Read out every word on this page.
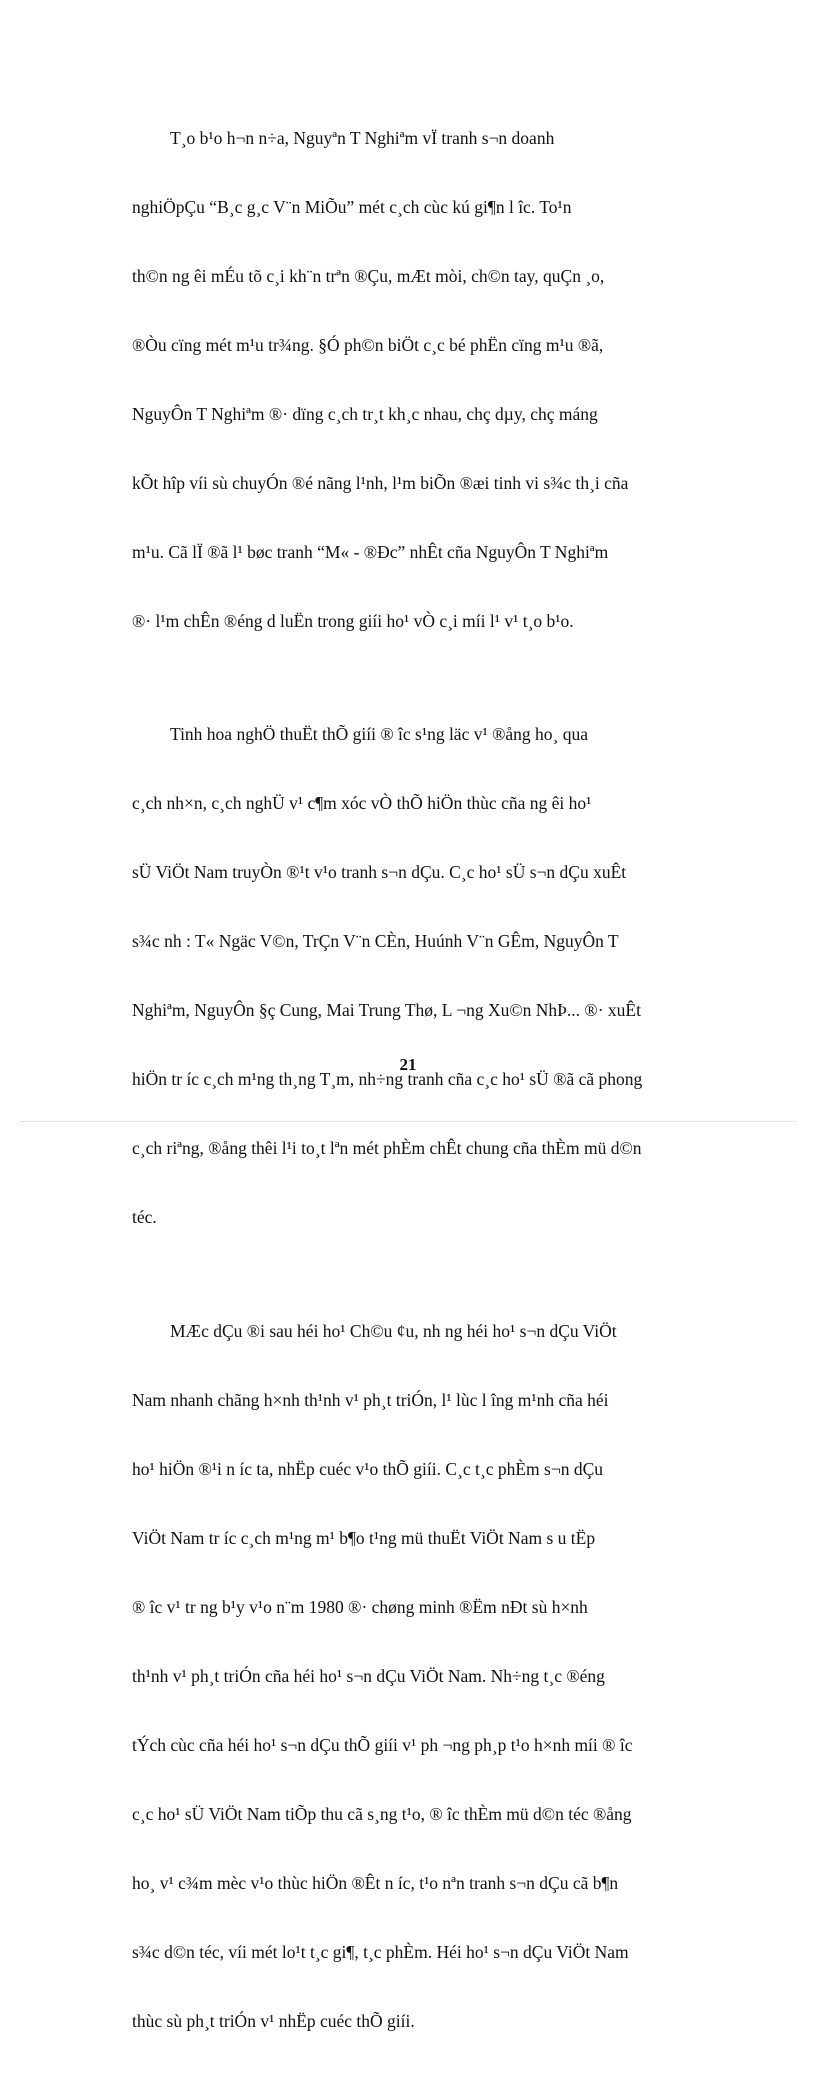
T¸o b¹o h¬n n÷a, Nguyªn T Nghiªm vÏ tranh s¬n doanh

nghiÖpÇu “B¸c g¸c V¨n MiÕu” mét c¸ch cùc kú gi¶n l îc. To¹n

th©n ng êi mÉu tõ c¸i kh¨n trªn ®Çu, mÆt mòi, ch©n tay, quÇn ¸o,

®Òu cïng mét m¹u tr¾ng. §Ó ph©n biÖt c¸c bé phËn cïng m¹u ®ã,

NguyÔn T Nghiªm ®· dïng c¸ch tr¸t kh¸c nhau, chç dµy, chç máng

kÕt hîp víi sù chuyÓn ®é nãng l¹nh, l¹m biÕn ®æi tinh vi s¾c th¸i cña

m¹u. Cã lÏ ®ã l¹ bøc tranh “M« - ®Ðc” nhÊt cña NguyÔn T Nghiªm

®· l¹m chÊn ®éng d luËn trong giíi ho¹ vÒ c¸i míi l¹ v¹ t¸o b¹o.

Tinh hoa nghÖ thuËt thÕ giíi ® îc s¹ng läc v¹ ®ång ho¸ qua

c¸ch nh×n, c¸ch nghÜ v¹ c¶m xóc vÒ thÕ hiÖn thùc cña ng êi ho¹

sÜ ViÖt Nam truyÒn ®¹t v¹o tranh s¬n dÇu. C¸c ho¹ sÜ s¬n dÇu xuÊt

s¾c nh : T« Ngäc V©n, TrÇn V¨n CÈn, Huúnh V¨n GÊm, NguyÔn T

Nghiªm, NguyÔn §ç Cung, Mai Trung Thø, L ¬ng Xu©n NhÞ... ®· xuÊt

hiÖn tr íc c¸ch m¹ng th¸ng T¸m, nh÷ng tranh cña c¸c ho¹ sÜ ®ã cã phong

c¸ch riªng, ®ång thêi l¹i to¸t lªn mét phÈm chÊt chung cña thÈm mü d©n

téc.

MÆc dÇu ®i sau héi ho¹ Ch©u ¢u, nh ng héi ho¹ s¬n dÇu ViÖt

Nam nhanh chãng h×nh th¹nh v¹ ph¸t triÓn, l¹ lùc l îng m¹nh cña héi

ho¹ hiÖn ®¹i n íc ta, nhËp cuéc v¹o thÕ giíi. C¸c t¸c phÈm s¬n dÇu

ViÖt Nam tr íc c¸ch m¹ng m¹ b¶o t¹ng mü thuËt ViÖt Nam s u tËp

® îc v¹ tr ng b¹y v¹o n¨m 1980 ®· chøng minh ®Ëm nÐt sù h×nh

th¹nh v¹ ph¸t triÓn cña héi ho¹ s¬n dÇu ViÖt Nam. Nh÷ng t¸c ®éng

tÝch cùc cña héi ho¹ s¬n dÇu thÕ giíi v¹ ph ¬ng ph¸p t¹o h×nh míi ® îc

c¸c ho¹ sÜ ViÖt Nam tiÕp thu cã s¸ng t¹o, ® îc thÈm mü d©n téc ®ång

ho¸ v¹ c¾m mèc v¹o thùc hiÖn ®Êt n íc, t¹o nªn tranh s¬n dÇu cã b¶n

s¾c d©n téc, víi mét lo¹t t¸c gi¶, t¸c phÈm. Héi ho¹ s¬n dÇu ViÖt Nam

thùc sù ph¸t triÓn v¹ nhËp cuéc thÕ giíi.

21
